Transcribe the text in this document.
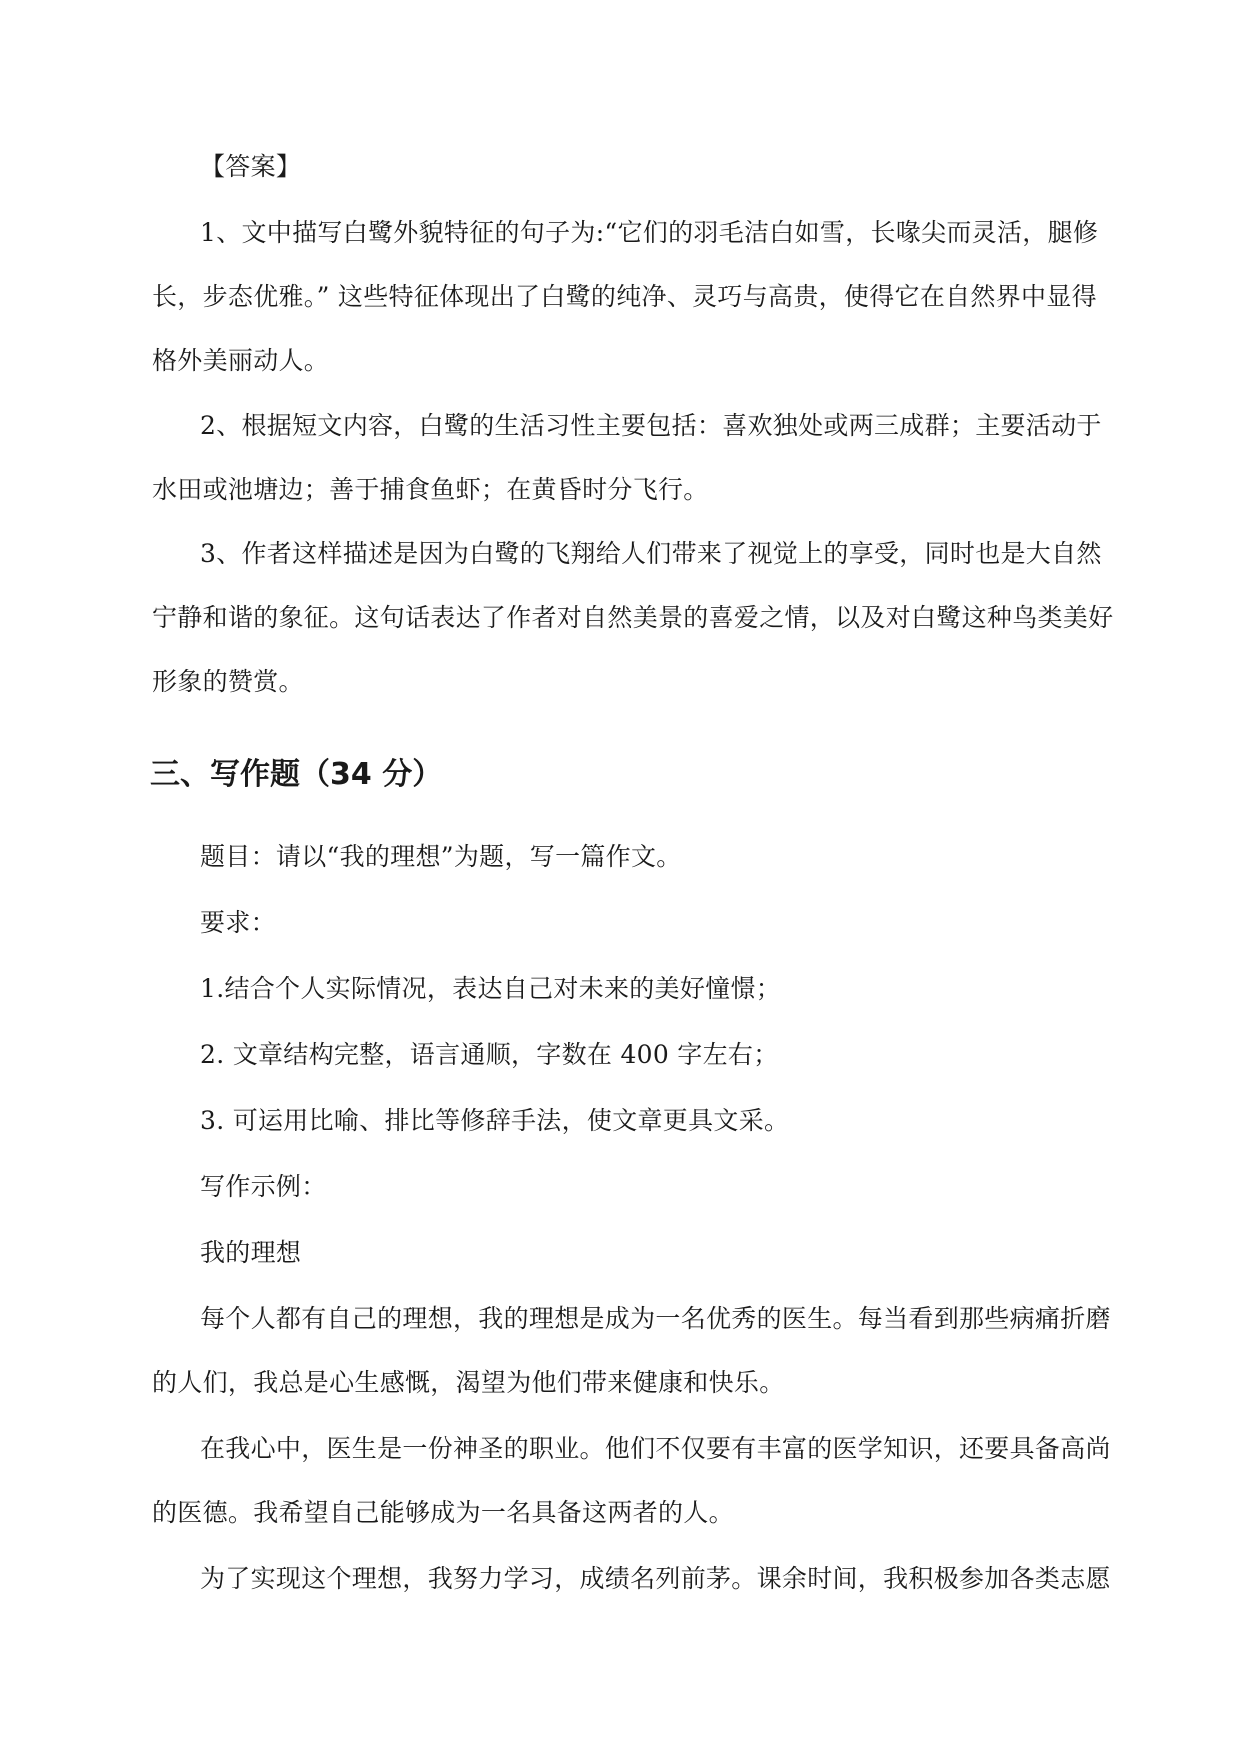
【答案】
1、文中描写白鹭外貌特征的句子为:“它们的羽毛洁白如雪，长喙尖而灵活，腿修
长，步态优雅。” 这些特征体现出了白鹭的纯净、灵巧与高贵，使得它在自然界中显得
格外美丽动人。
2、根据短文内容，白鹭的生活习性主要包括：喜欢独处或两三成群；主要活动于
水田或池塘边；善于捕食鱼虾；在黄昏时分飞行。
3、作者这样描述是因为白鹭的飞翔给人们带来了视觉上的享受，同时也是大自然
宁静和谐的象征。这句话表达了作者对自然美景的喜爱之情，以及对白鹭这种鸟类美好
形象的赞赏。
三、写作题（34 分）
题目：请以“我的理想”为题，写一篇作文。
要求：
1.结合个人实际情况，表达自己对未来的美好憧憬；
2. 文章结构完整，语言通顺，字数在 400 字左右；
3. 可运用比喻、排比等修辞手法，使文章更具文采。
写作示例：
我的理想
每个人都有自己的理想，我的理想是成为一名优秀的医生。每当看到那些病痛折磨
的人们，我总是心生感慨，渴望为他们带来健康和快乐。
在我心中，医生是一份神圣的职业。他们不仅要有丰富的医学知识，还要具备高尚
的医德。我希望自己能够成为一名具备这两者的人。
为了实现这个理想，我努力学习，成绩名列前茅。课余时间，我积极参加各类志愿
